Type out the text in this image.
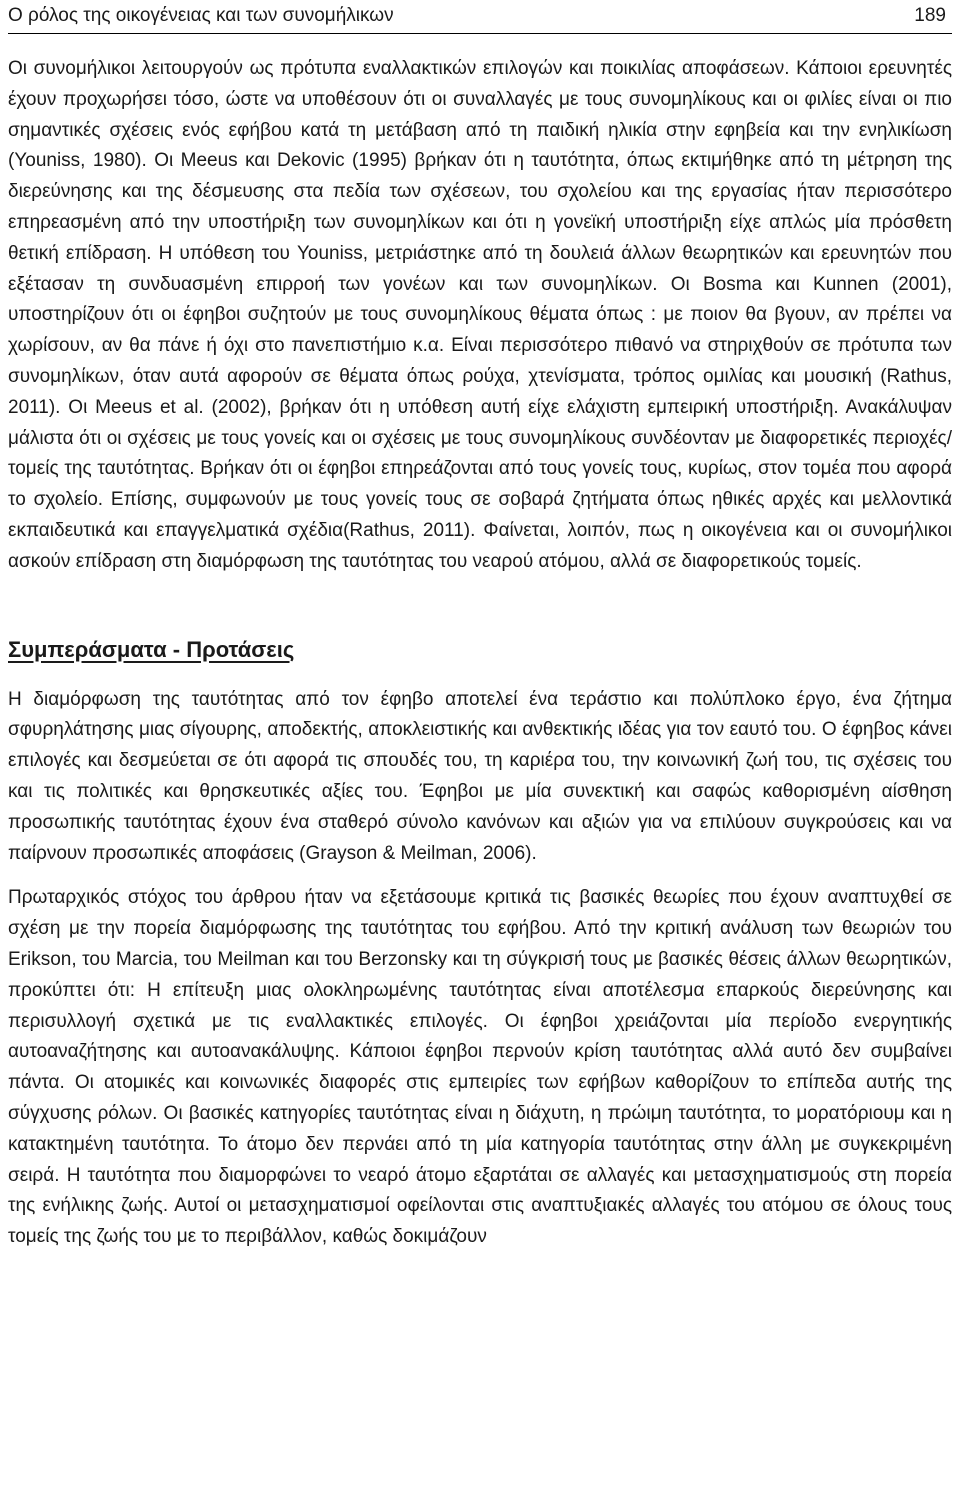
Ο ρόλος της οικογένειας και των συνομήλικων	189

Οι συνομήλικοι λειτουργούν ως πρότυπα εναλλακτικών επιλογών και ποικιλίας αποφάσεων. Κάποιοι ερευνητές έχουν προχωρήσει τόσο, ώστε να υποθέσουν ότι οι συναλλαγές με τους συνομηλίκους και οι φιλίες είναι οι πιο σημαντικές σχέσεις ενός εφήβου κατά τη μετάβαση από τη παιδική ηλικία στην εφηβεία και την ενηλικίωση (Youniss, 1980). Οι Meeus και Dekovic (1995) βρήκαν ότι η ταυτότητα, όπως εκτιμήθηκε από τη μέτρηση της διερεύνησης και της δέσμευσης στα πεδία των σχέσεων, του σχολείου και της εργασίας ήταν περισσότερο επηρεασμένη από την υποστήριξη των συνομηλίκων και ότι η γονεϊκή υποστήριξη είχε απλώς μία πρόσθετη θετική επίδραση. Η υπόθεση του Youniss, μετριάστηκε από τη δουλειά άλλων θεωρητικών και ερευνητών που εξέτασαν τη συνδυασμένη επιρροή των γονέων και των συνομηλίκων. Οι Bosma και Kunnen (2001), υποστηρίζουν ότι οι έφηβοι συζητούν με τους συνομηλίκους θέματα όπως : με ποιον θα βγουν, αν πρέπει να χωρίσουν, αν θα πάνε ή όχι στο πανεπιστήμιο κ.α. Είναι περισσότερο πιθανό να στηριχθούν σε πρότυπα των συνομηλίκων, όταν αυτά αφορούν σε θέματα όπως ρούχα, χτενίσματα, τρόπος ομιλίας και μουσική (Rathus, 2011). Οι Meeus et al. (2002), βρήκαν ότι η υπόθεση αυτή είχε ελάχιστη εμπειρική υποστήριξη. Ανακάλυψαν μάλιστα ότι οι σχέσεις με τους γονείς και οι σχέσεις με τους συνομηλίκους συνδέονταν με διαφορετικές περιοχές/τομείς της ταυτότητας. Βρήκαν ότι οι έφηβοι επηρεάζονται από τους γονείς τους, κυρίως, στον τομέα που αφορά το σχολείο. Επίσης, συμφωνούν με τους γονείς τους σε σοβαρά ζητήματα όπως ηθικές αρχές και μελλοντικά εκπαιδευτικά και επαγγελματικά σχέδια(Rathus, 2011). Φαίνεται, λοιπόν, πως η οικογένεια και οι συνομήλικοι ασκούν επίδραση στη διαμόρφωση της ταυτότητας του νεαρού ατόμου, αλλά σε διαφορετικούς τομείς.

Συμπεράσματα - Προτάσεις

Η διαμόρφωση της ταυτότητας από τον έφηβο αποτελεί ένα τεράστιο και πολύπλοκο έργο, ένα ζήτημα σφυρηλάτησης μιας σίγουρης, αποδεκτής, αποκλειστικής και ανθεκτικής ιδέας για τον εαυτό του. Ο έφηβος κάνει επιλογές και δεσμεύεται σε ότι αφορά τις σπουδές του, τη καριέρα του, την κοινωνική ζωή του, τις σχέσεις του και τις πολιτικές και θρησκευτικές αξίες του. Έφηβοι με μία συνεκτική και σαφώς καθορισμένη αίσθηση προσωπικής ταυτότητας έχουν ένα σταθερό σύνολο κανόνων και αξιών για να επιλύουν συγκρούσεις και να παίρνουν προσωπικές αποφάσεις (Grayson & Meilman, 2006).

Πρωταρχικός στόχος του άρθρου ήταν να εξετάσουμε κριτικά τις βασικές θεωρίες που έχουν αναπτυχθεί σε σχέση με την πορεία διαμόρφωσης της ταυτότητας του εφήβου. Από την κριτική ανάλυση των θεωριών του Erikson, του Marcia, του Meilman και του Berzonsky και τη σύγκρισή τους με βασικές θέσεις άλλων θεωρητικών, προκύπτει ότι: Η επίτευξη μιας ολοκληρωμένης ταυτότητας είναι αποτέλεσμα επαρκούς διερεύνησης και περισυλλογή σχετικά με τις εναλλακτικές επιλογές. Οι έφηβοι χρειάζονται μία περίοδο ενεργητικής αυτοαναζήτησης και αυτοανακάλυψης. Κάποιοι έφηβοι περνούν κρίση ταυτότητας αλλά αυτό δεν συμβαίνει πάντα. Οι ατομικές και κοινωνικές διαφορές στις εμπειρίες των εφήβων καθορίζουν το επίπεδα αυτής της σύγχυσης ρόλων. Οι βασικές κατηγορίες ταυτότητας είναι η διάχυτη, η πρώιμη ταυτότητα, το μορατόριουμ και η κατακτημένη ταυτότητα. Το άτομο δεν περνάει από τη μία κατηγορία ταυτότητας στην άλλη με συγκεκριμένη σειρά. Η ταυτότητα που διαμορφώνει το νεαρό άτομο εξαρτάται σε αλλαγές και μετασχηματισμούς στη πορεία της ενήλικης ζωής. Αυτοί οι μετασχηματισμοί οφείλονται στις αναπτυξιακές αλλαγές του ατόμου σε όλους τους τομείς της ζωής του με το περιβάλλον, καθώς δοκιμάζουν
